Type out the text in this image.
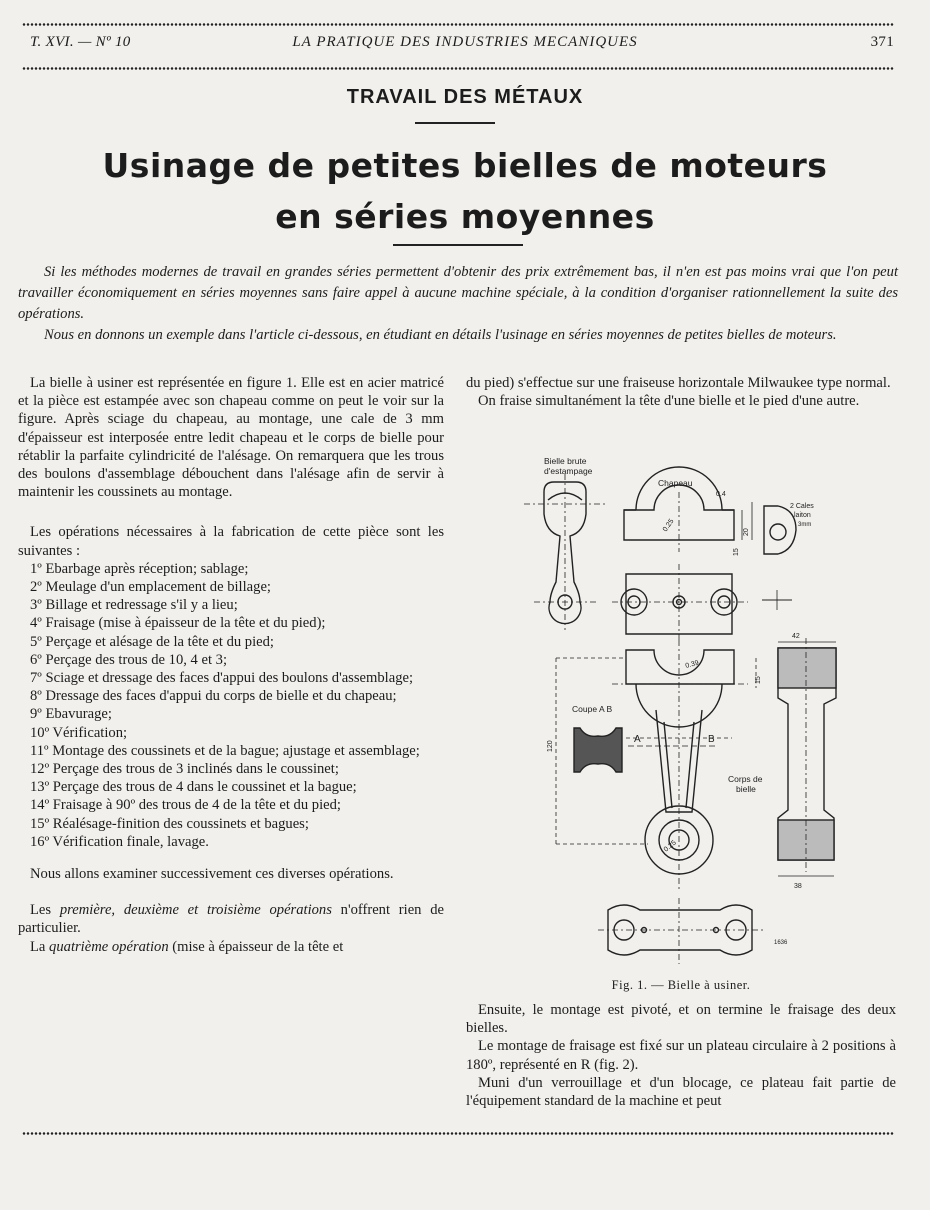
T. XVI. — Nº 10	LA PRATIQUE DES INDUSTRIES MECANIQUES	371
TRAVAIL DES MÉTAUX
Usinage de petites bielles de moteurs
en séries moyennes

Si les méthodes modernes de travail en grandes séries permettent d'obtenir des prix extrêmement bas, il n'en est pas moins vrai que l'on peut travailler économiquement en séries moyennes sans faire appel à aucune machine spéciale, à la condition d'organiser rationnellement la suite des opérations.

Nous en donnons un exemple dans l'article ci-dessous, en étudiant en détails l'usinage en séries moyennes de petites bielles de moteurs.

La bielle à usiner est représentée en figure 1. Elle est en acier matricé et la pièce est estampée avec son chapeau comme on peut le voir sur la figure. Après sciage du chapeau, au montage, une cale de 3 mm d'épaisseur est interposée entre ledit chapeau et le corps de bielle pour rétablir la parfaite cylindricité de l'alésage. On remarquera que les trous des boulons d'assemblage débouchent dans l'alésage afin de servir à maintenir les coussinets au montage.

Les opérations nécessaires à la fabrication de cette pièce sont les suivantes :

1º Ebarbage après réception; sablage;
2º Meulage d'un emplacement de billage;
3º Billage et redressage s'il y a lieu;
4º Fraisage (mise à épaisseur de la tête et du pied);
5º Perçage et alésage de la tête et du pied;
6º Perçage des trous de 10, 4 et 3;
7º Sciage et dressage des faces d'appui des boulons d'assemblage;
8º Dressage des faces d'appui du corps de bielle et du chapeau;
9º Ebavurage;
10º Vérification;
11º Montage des coussinets et de la bague; ajustage et assemblage;
12º Perçage des trous de 3 inclinés dans le coussinet;
13º Perçage des trous de 4 dans le coussinet et la bague;
14º Fraisage à 90º des trous de 4 de la tête et du pied;
15º Réalésage-finition des coussinets et bagues;
16º Vérification finale, lavage.

Nous allons examiner successivement ces diverses opérations.

Les première, deuxième et troisième opérations n'offrent rien de particulier.

La quatrième opération (mise à épaisseur de la tête et

du pied) s'effectue sur une fraiseuse horizontale Milwaukee type normal.

On fraise simultanément la tête d'une bielle et le pied d'une autre.

Bielle brute
d'estampage
Chapeau
0.4
0.25	20
15
2 Cales
laiton
3mm
0.39
0.25
15
120
Coupe A B
A	B
42
38
Corps de
bielle
1636
Fig. 1. — Bielle à usiner.

Ensuite, le montage est pivoté, et on termine le fraisage des deux bielles.

Le montage de fraisage est fixé sur un plateau circulaire à 2 positions à 180º, représenté en R (fig. 2).

Muni d'un verrouillage et d'un blocage, ce plateau fait partie de l'équipement standard de la machine et peut
